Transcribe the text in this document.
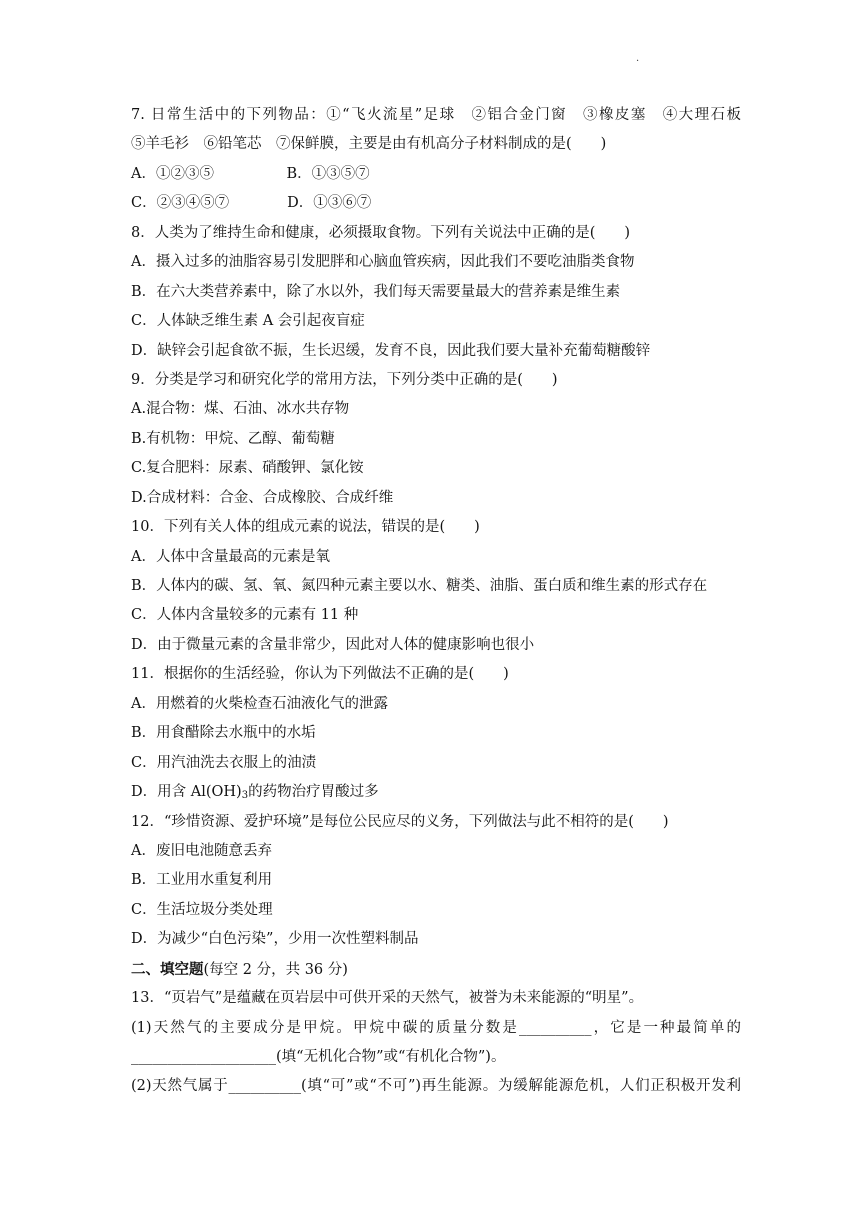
·
7. 日常生活中的下列物品：①“飞火流星”足球　②铝合金门窗　③橡皮塞　④大理石板
⑤羊毛衫　⑥铅笔芯　⑦保鲜膜，主要是由有机高分子材料制成的是(　　)
A．①②③⑤　　　　　B．①③⑤⑦
C．②③④⑤⑦　　　　D．①③⑥⑦
8．人类为了维持生命和健康，必须摄取食物。下列有关说法中正确的是(　　)
A．摄入过多的油脂容易引发肥胖和心脑血管疾病，因此我们不要吃油脂类食物
B．在六大类营养素中，除了水以外，我们每天需要量最大的营养素是维生素
C．人体缺乏维生素 A 会引起夜盲症
D．缺锌会引起食欲不振，生长迟缓，发育不良，因此我们要大量补充葡萄糖酸锌
9．分类是学习和研究化学的常用方法，下列分类中正确的是(　　)
A.混合物：煤、石油、冰水共存物
B.有机物：甲烷、乙醇、葡萄糖
C.复合肥料：尿素、硝酸钾、氯化铵
D.合成材料：合金、合成橡胶、合成纤维
10．下列有关人体的组成元素的说法，错误的是(　　)
A．人体中含量最高的元素是氧
B．人体内的碳、氢、氧、氮四种元素主要以水、糖类、油脂、蛋白质和维生素的形式存在
C．人体内含量较多的元素有 11 种
D．由于微量元素的含量非常少，因此对人体的健康影响也很小
11．根据你的生活经验，你认为下列做法不正确的是(　　)
A．用燃着的火柴检查石油液化气的泄露
B．用食醋除去水瓶中的水垢
C．用汽油洗去衣服上的油渍
D．用含 $Al(OH)_3$的药物治疗胃酸过多
12．“珍惜资源、爱护环境”是每位公民应尽的义务，下列做法与此不相符的是(　　)
A．废旧电池随意丢弃
B．工业用水重复利用
C．生活垃圾分类处理
D．为减少“白色污染”，少用一次性塑料制品
二、填空题(每空 2 分，共 36 分)
13．“页岩气”是蕴藏在页岩层中可供开采的天然气，被誉为未来能源的“明星”。
(1)天然气的主要成分是甲烷。甲烷中碳的质量分数是__________，它是一种最简单的
____________________(填“无机化合物”或“有机化合物”)。
(2)天然气属于__________(填“可”或“不可”)再生能源。为缓解能源危机，人们正积极开发利
